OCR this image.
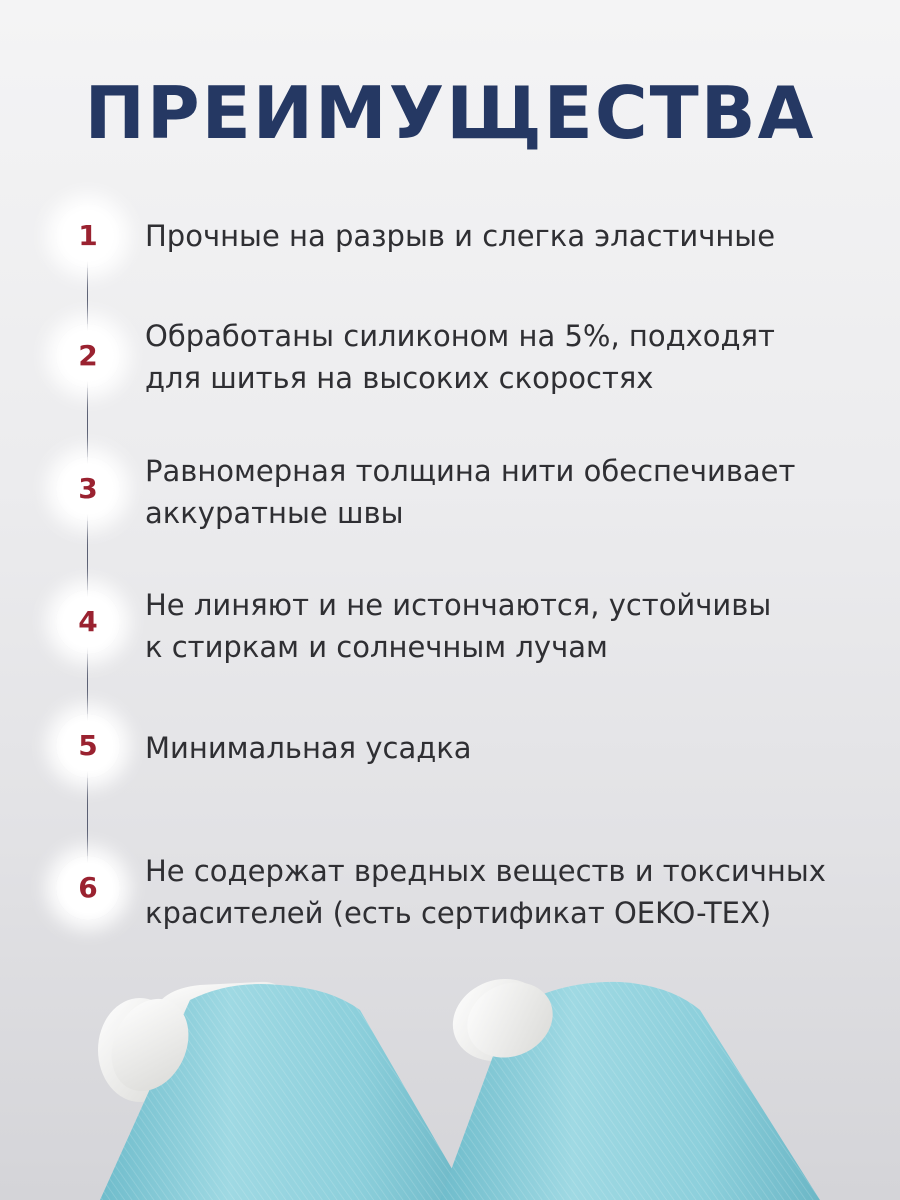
ПРЕИМУЩЕСТВА
1	Прочные на разрыв и слегка эластичные
2
Обработаны силиконом на 5%, подходят
для шитья на высоких скоростях
3
Равномерная толщина нити обеспечивает
аккуратные швы
4	Не линяют и не истончаются, устойчивы
к стиркам и солнечным лучам
5	Минимальная усадка
6	Не содержат вредных веществ и токсичных
красителей (есть сертификат OEKO-TEX)
